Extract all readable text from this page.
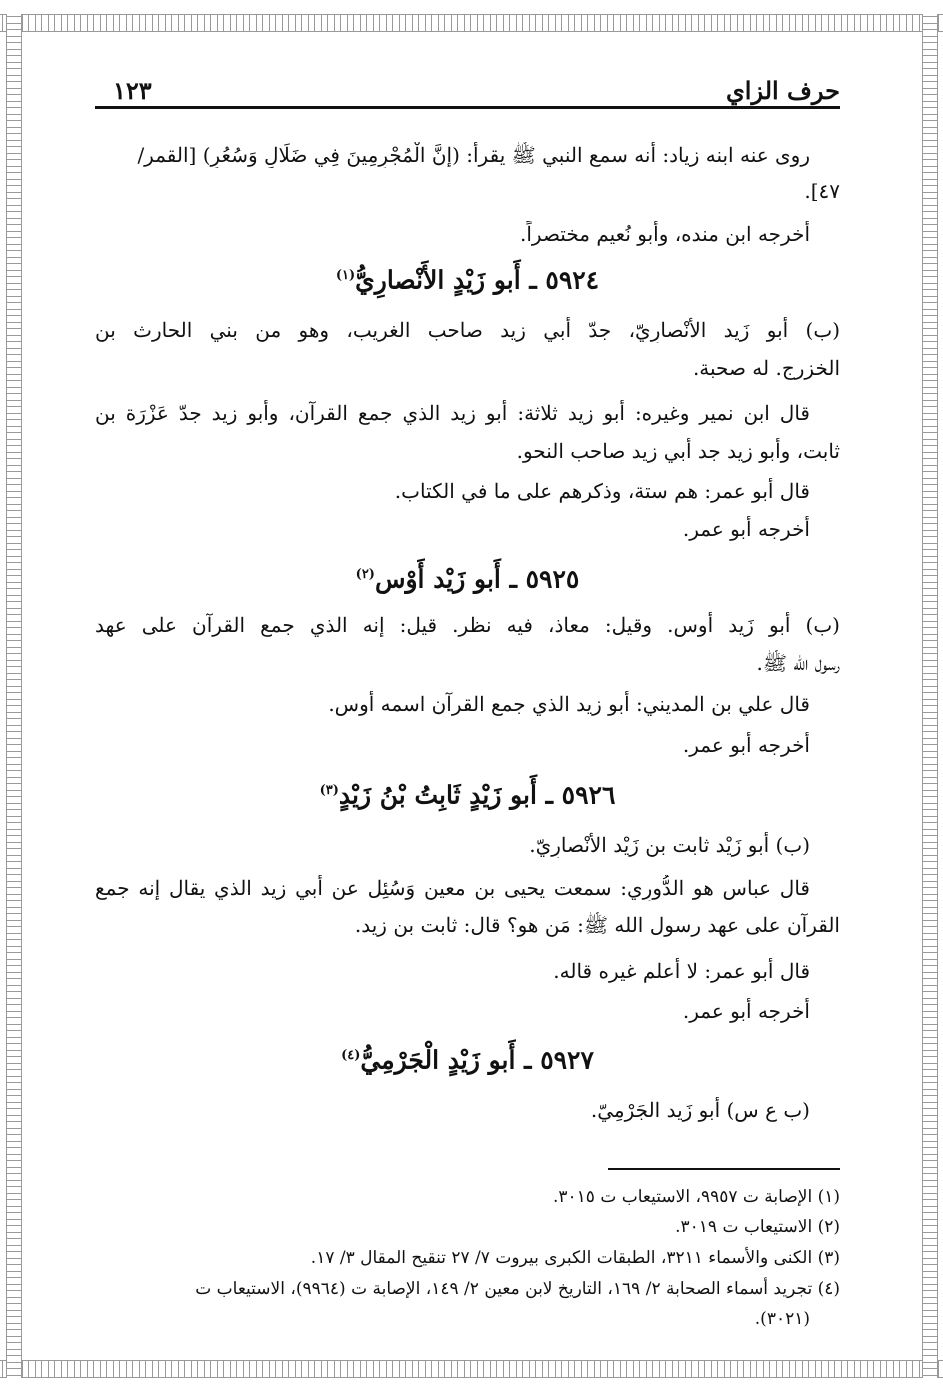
حرف الزاي
١٢٣
روى عنه ابنه زياد: أنه سمع النبي ﷺ يقرأ: (إِنَّ الْمُجْرِمِينَ فِي ضَلَالٍ وَسُعُرٍ) [القمر/
٤٧].
أخرجه ابن منده، وأبو نُعيم مختصراً.
٥٩٢٤ ـ أَبو زَيْدٍ الأَنْصارِيُّ$^{(١)}$
(ب) أَبو زَيد الأَنْصارِيّ، جدّ أَبي زيد صاحب الغريب، وهو من بني الحارث بن
الخزرج. له صحبة.
قال ابن نمير وغيره: أبو زيد ثلاثة: أَبو زيد الذي جمع القرآن، وأَبو زيد جدّ عَزْرَة بن
ثابت، وأَبو زيد جد أَبي زيد صاحب النحو.
قال أَبو عمر: هم ستة، وذكرهم على ما في الكتاب.
أَخرجه أَبو عمر.
٥٩٢٥ ـ أَبو زَيْد أَوْس$^{(٢)}$
(ب) أَبو زَيد أَوس. وقيل: معاذ، فيه نظر. قيل: إِنه الذي جمع القرآن على عهد
رسول الله ﷺ.
قال علي بن المديني: أَبو زيد الذي جمع القرآن اسمه أَوس.
أَخرجه أَبو عمر.
٥٩٢٦ ـ أَبو زَيْدٍ ثَابِتُ بْنُ زَيْدٍ$^{(٣)}$
(ب) أَبو زَيْد ثابت بن زَيْد الأَنْصارِيّ.
قال عباس هو الدُّورِي: سمعت يحيى بن معين وَسُئِل عن أَبي زيد الذي يقال إِنه جمع
القرآن على عهد رسول الله ﷺ: مَن هو؟ قال: ثابت بن زيد.
قال أَبو عمر: لا أَعلم غيره قاله.
أَخرجه أَبو عمر.
٥٩٢٧ ـ أَبو زَيْدٍ الْجَرْمِيُّ$^{(٤)}$
(ب ع س) أَبو زَيد الجَرْمِيّ.
(١) الإصابة ت ٩٩٥٧، الاستيعاب ت ٣٠١٥.
(٢) الاستيعاب ت ٣٠١٩.
(٣) الكنى والأسماء ٣٢١١، الطبقات الكبرى بيروت ٧/ ٢٧ تنقيح المقال ٣/ ١٧.
(٤) تجريد أسماء الصحابة ٢/ ١٦٩، التاريخ لابن معين ٢/ ١٤٩، الإصابة ت (٩٩٦٤)، الاستيعاب ت
(٣٠٢١).
